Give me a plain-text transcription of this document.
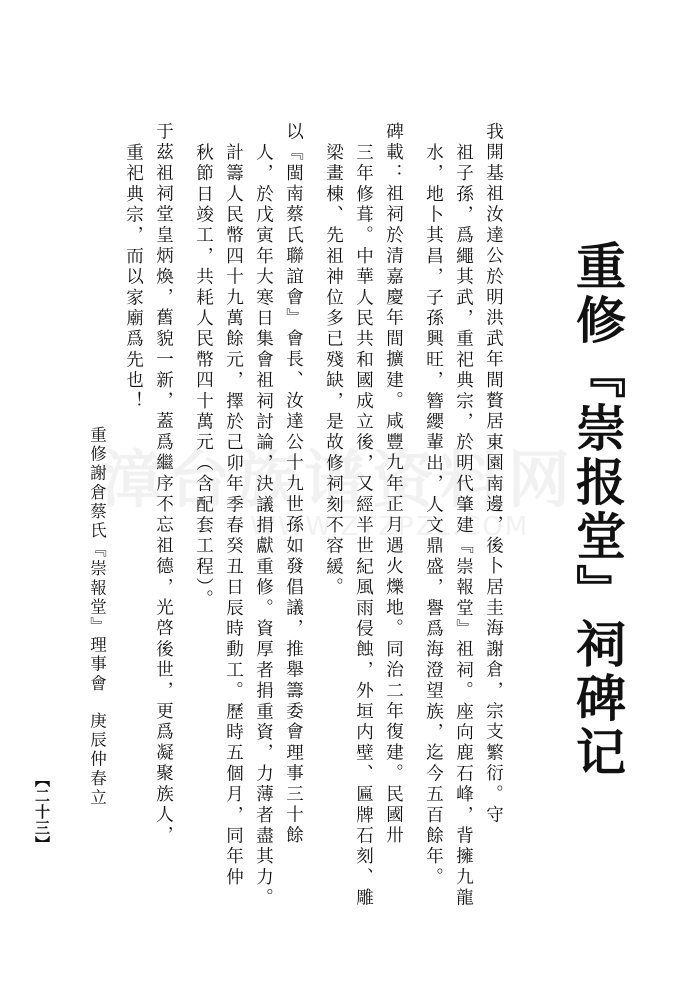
漳台族谱资料网
WWW.ZTZPZL.COM 重修『崇报堂』祠碑记
我開基祖汝達公於明洪武年間贅居東園南邊，後卜居圭海謝倉，宗支繁衍。守
祖子孫，爲繩其武，重祀典宗，於明代肇建『崇報堂』祖祠。座向鹿石峰，背擁九龍
水，地卜其昌，子孫興旺，簪纓輩出，人文鼎盛，譽爲海澄望族，迄今五百餘年。
碑載：祖祠於清嘉慶年間擴建。咸豐九年正月遇火爍地。同治二年復建。民國卅
三年修葺。中華人民共和國成立後，又經半世紀風雨侵蝕，外垣内壁、匾牌石刻、雕
梁畫棟、先祖神位多已殘缺，是故修祠刻不容緩。
以『閩南蔡氏聯誼會』會長、汝達公十九世孫如發倡議，推舉籌委會理事三十餘
人，於戊寅年大寒日集會祖祠討論，決議捐獻重修。資厚者捐重資，力薄者盡其力。
計籌人民幣四十九萬餘元，擇於己卯年季春癸丑日辰時動工。歷時五個月，同年仲
秋節日竣工，共耗人民幣四十萬元（含配套工程）。
于茲祖祠堂皇炳煥，舊貌一新，蓋爲繼序不忘祖德，光啓後世，更爲凝聚族人，
重祀典宗，而以家廟爲先也！
重修謝倉蔡氏『崇報堂』理事會
庚辰仲春立
【二十三】
